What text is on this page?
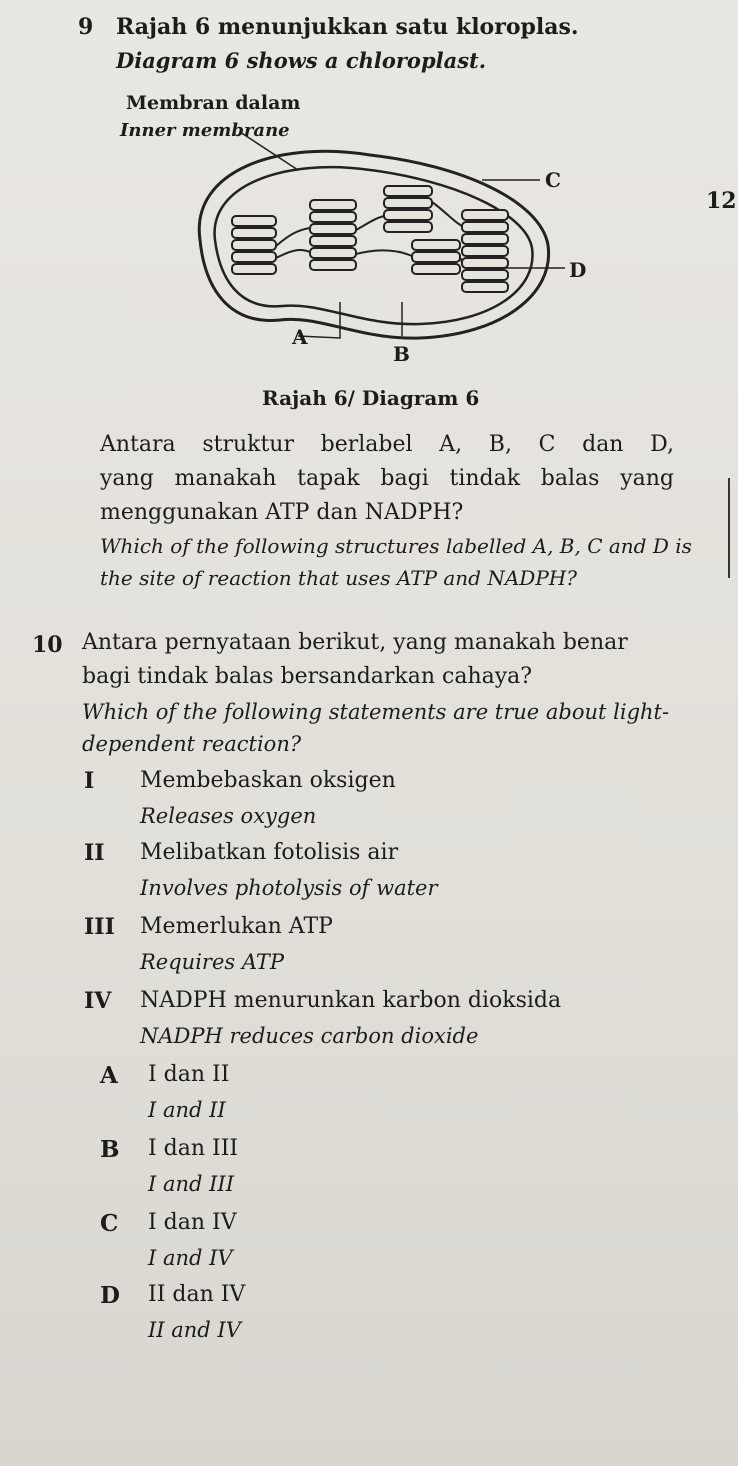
9 Rajah 6 menunjukkan satu kloroplas.
Diagram 6 shows a chloroplast.
Membran dalam
Inner membrane
C
D
A
B
Rajah 6/ Diagram 6
12
Antara struktur berlabel A, B, C dan D,
yang manakah tapak bagi tindak balas yang
menggunakan ATP dan NADPH?
Which of the following structures labelled A, B, C and D is
the site of reaction that uses ATP and NADPH?
10 Antara pernyataan berikut, yang manakah benar
bagi tindak balas bersandarkan cahaya?
Which of the following statements are true about light-
dependent reaction?
I Membebaskan oksigen
Releases oxygen
II Melibatkan fotolisis air
Involves photolysis of water
III Memerlukan ATP
Requires ATP
IV NADPH menurunkan karbon dioksida
NADPH reduces carbon dioxide
A I dan II
I and II
B I dan III
I and III
C I dan IV
I and IV
D II dan IV
II and IV
